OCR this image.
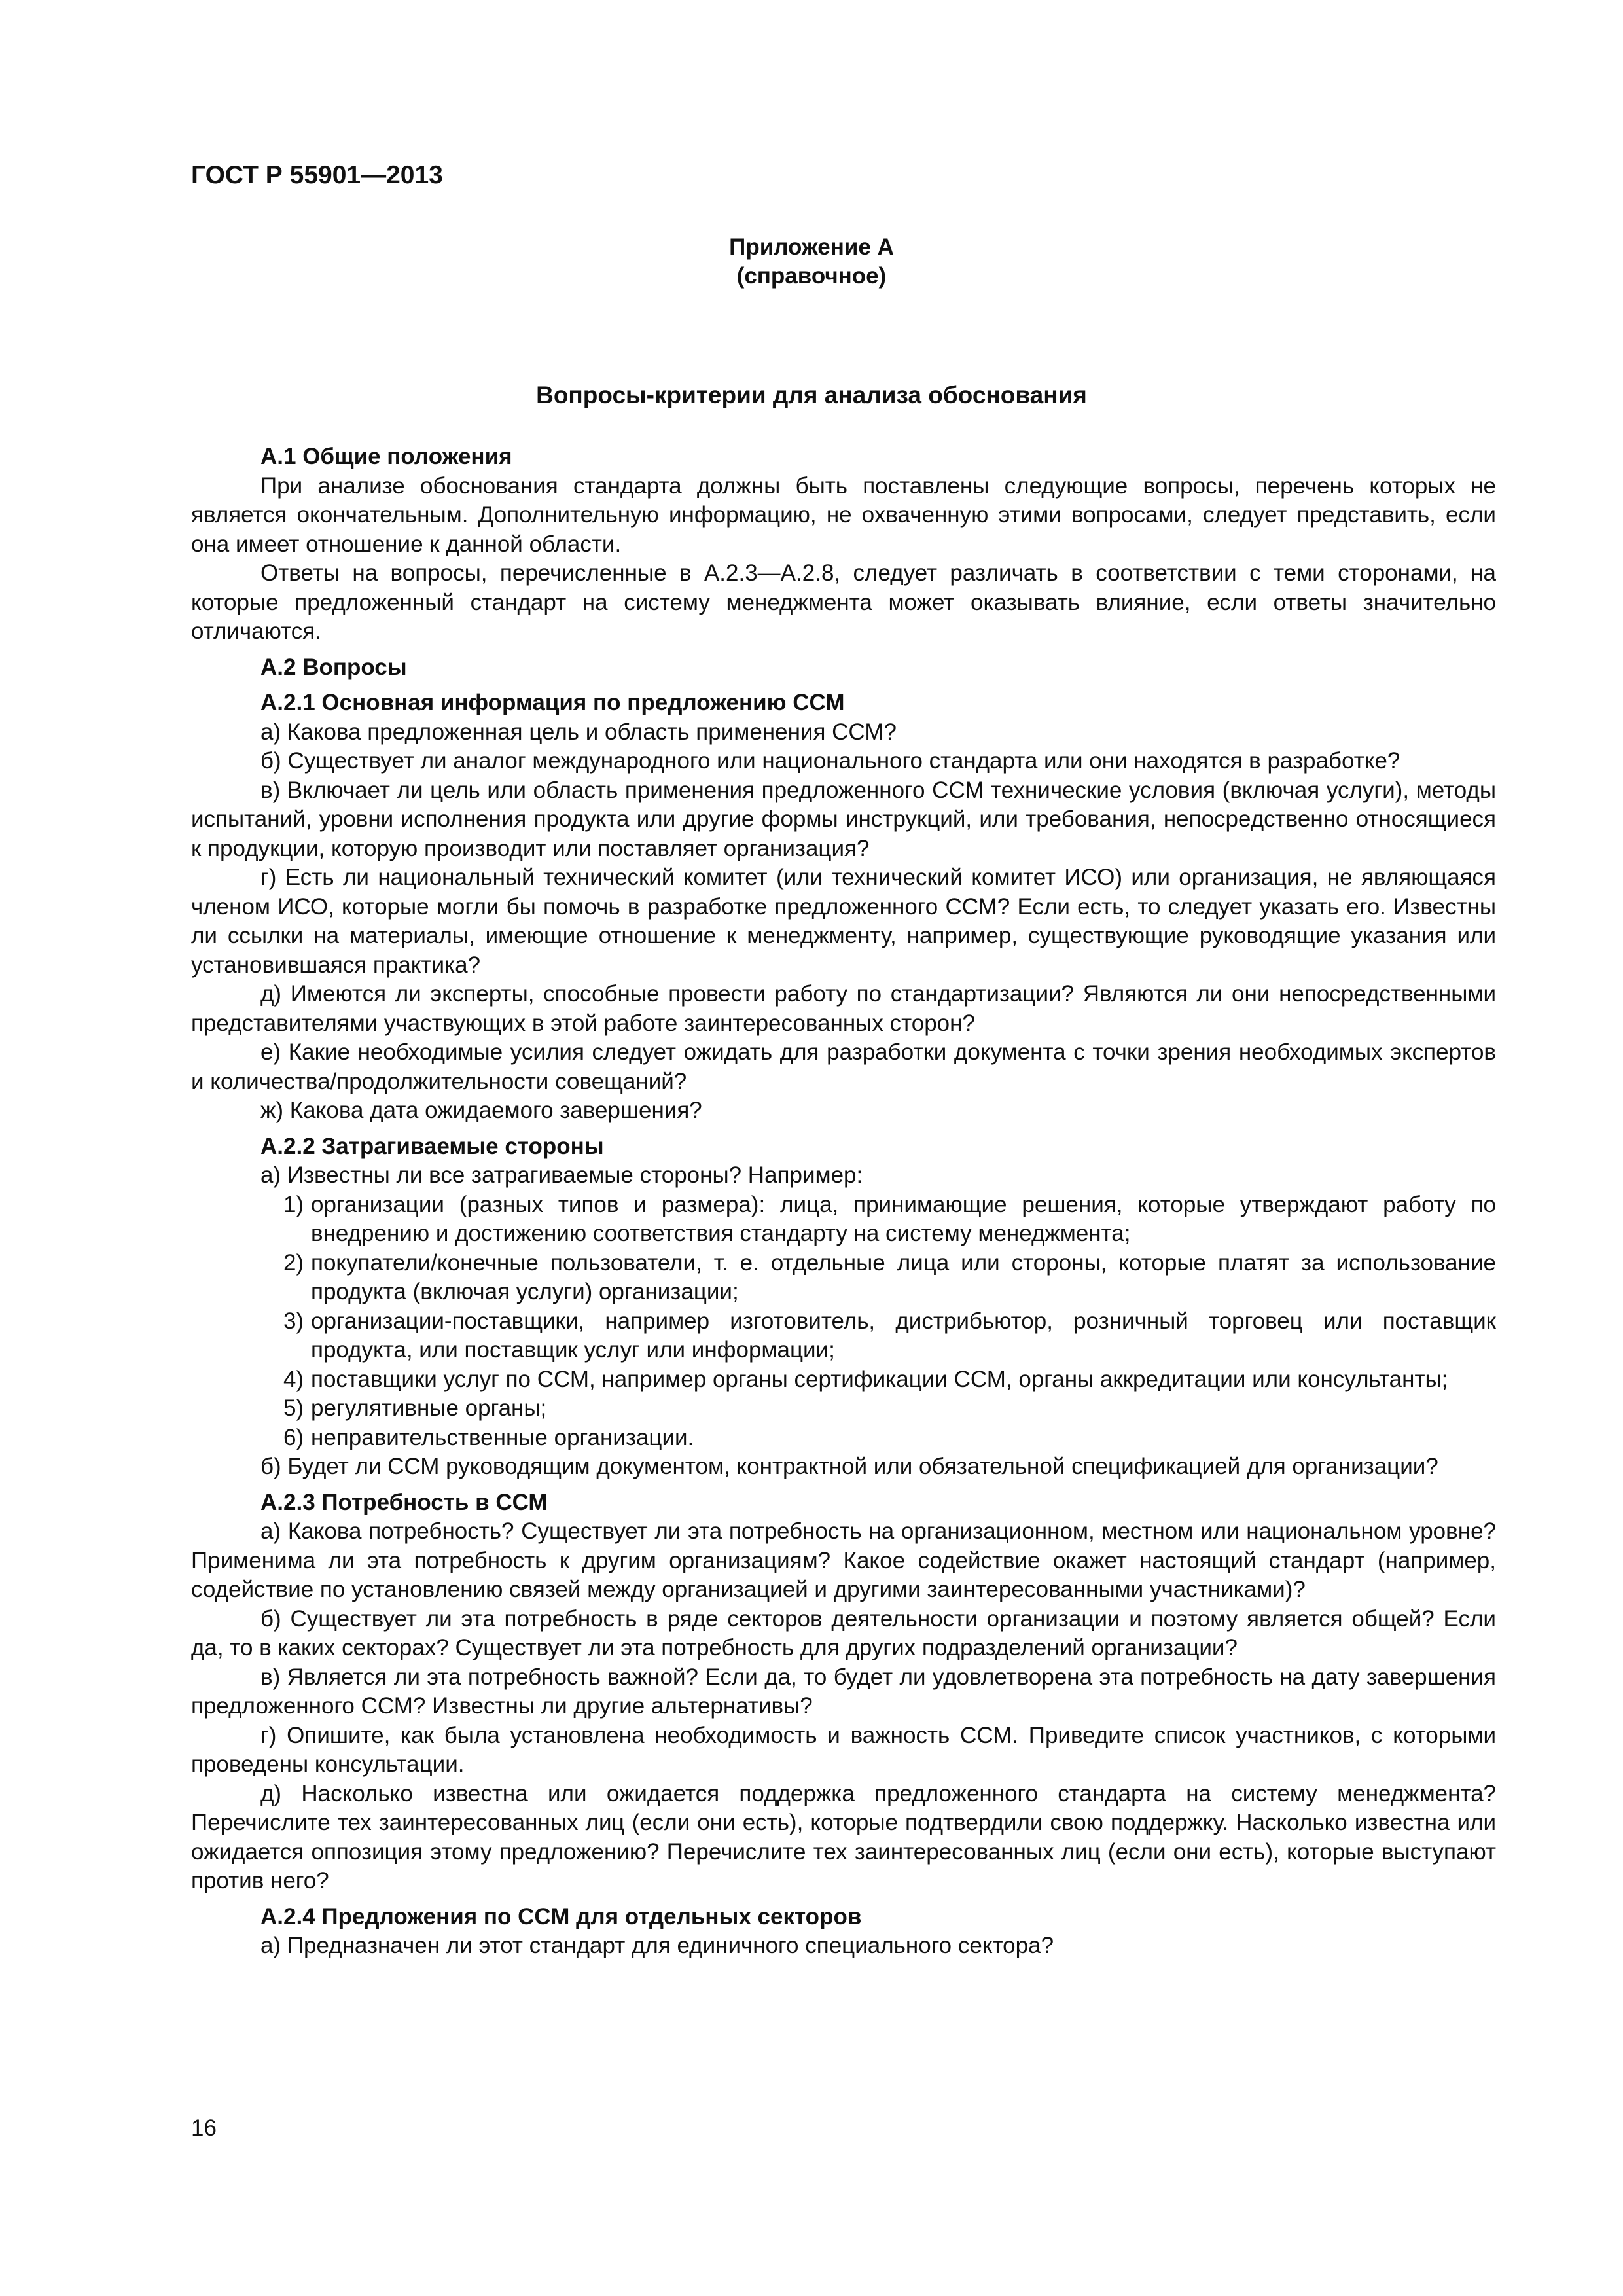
ГОСТ Р 55901—2013
Приложение А
(справочное)
Вопросы-критерии для анализа обоснования

А.1 Общие положения

При анализе обоснования стандарта должны быть поставлены следующие вопросы, перечень которых не является окончательным. Дополнительную информацию, не охваченную этими вопросами, следует представить, если она имеет отношение к данной области.

Ответы на вопросы, перечисленные в А.2.3—А.2.8, следует различать в соответствии с теми сторонами, на которые предложенный стандарт на систему менеджмента может оказывать влияние, если ответы значительно отличаются.

А.2 Вопросы

А.2.1 Основная информация по предложению ССМ

а) Какова предложенная цель и область применения ССМ?

б) Существует ли аналог международного или национального стандарта или они находятся в разработке?

в) Включает ли цель или область применения предложенного ССМ технические условия (включая услуги), методы испытаний, уровни исполнения продукта или другие формы инструкций, или требования, непосредственно относящиеся к продукции, которую производит или поставляет организация?

г) Есть ли национальный технический комитет (или технический комитет ИСО) или организация, не являющаяся членом ИСО, которые могли бы помочь в разработке предложенного ССМ? Если есть, то следует указать его. Известны ли ссылки на материалы, имеющие отношение к менеджменту, например, существующие руководящие указания или установившаяся практика?

д) Имеются ли эксперты, способные провести работу по стандартизации? Являются ли они непосредственными представителями участвующих в этой работе заинтересованных сторон?

е) Какие необходимые усилия следует ожидать для разработки документа с точки зрения необходимых экспертов и количества/продолжительности совещаний?

ж) Какова дата ожидаемого завершения?

А.2.2 Затрагиваемые стороны

а) Известны ли все затрагиваемые стороны? Например:

1) организации (разных типов и размера): лица, принимающие решения, которые утверждают работу по внедрению и достижению соответствия стандарту на систему менеджмента;

2) покупатели/конечные пользователи, т. е. отдельные лица или стороны, которые платят за использование продукта (включая услуги) организации;

3) организации-поставщики, например изготовитель, дистрибьютор, розничный торговец или поставщик продукта, или поставщик услуг или информации;

4) поставщики услуг по ССМ, например органы сертификации ССМ, органы аккредитации или консультанты;

5) регулятивные органы;

6) неправительственные организации.

б) Будет ли ССМ руководящим документом, контрактной или обязательной спецификацией для организации?

А.2.3 Потребность в ССМ

а) Какова потребность? Существует ли эта потребность на организационном, местном или национальном уровне? Применима ли эта потребность к другим организациям? Какое содействие окажет настоящий стандарт (например, содействие по установлению связей между организацией и другими заинтересованными участниками)?

б) Существует ли эта потребность в ряде секторов деятельности организации и поэтому является общей? Если да, то в каких секторах? Существует ли эта потребность для других подразделений организации?

в) Является ли эта потребность важной? Если да, то будет ли удовлетворена эта потребность на дату завершения предложенного ССМ? Известны ли другие альтернативы?

г) Опишите, как была установлена необходимость и важность ССМ. Приведите список участников, с которыми проведены консультации.

д) Насколько известна или ожидается поддержка предложенного стандарта на систему менеджмента? Перечислите тех заинтересованных лиц (если они есть), которые подтвердили свою поддержку. Насколько известна или ожидается оппозиция этому предложению? Перечислите тех заинтересованных лиц (если они есть), которые выступают против него?

А.2.4 Предложения по ССМ для отдельных секторов

а) Предназначен ли этот стандарт для единичного специального сектора?

16
